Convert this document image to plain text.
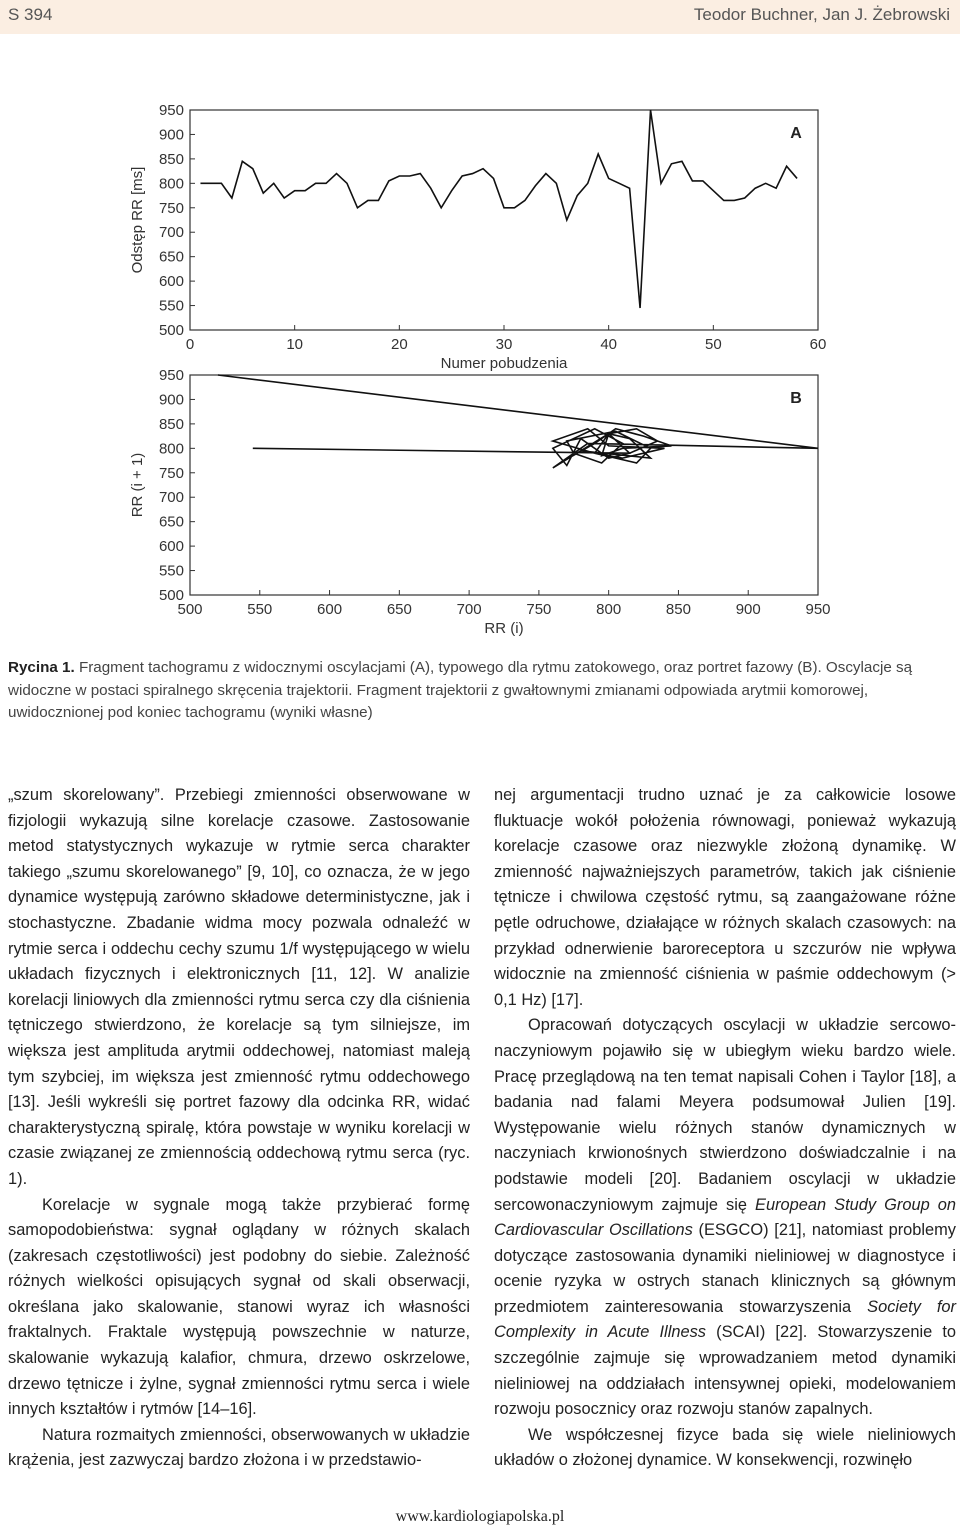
S 394	Teodor Buchner, Jan J. Żebrowski
500
550
600
650
700
750
800
850
900
950
0	10	20	30	40	50	60
Numer pobudzenia
Odstęp RR [ms]
A
500
550
600
650
700
750
800
850
900
950
500	550	600	650	700	750	800	850	900	950
RR (i)
RR (i + 1)
B
Rycina 1. Fragment tachogramu z widocznymi oscylacjami (A), typowego dla rytmu zatokowego, oraz portret fazowy (B). Oscylacje są widoczne w postaci spiralnego skręcenia trajektorii. Fragment trajektorii z gwałtownymi zmianami odpowiada arytmii komorowej, uwidocznionej pod koniec tachogramu (wyniki własne)

„szum skorelowany”. Przebiegi zmienności obserwowane w fizjologii wykazują silne korelacje czasowe. Zastosowanie metod statystycznych wykazuje w rytmie serca charakter takiego „szumu skorelowanego” [9, 10], co oznacza, że w jego dynamice występują zarówno składowe deterministyczne, jak i stochastyczne. Zbadanie widma mocy pozwala odnaleźć w rytmie serca i oddechu cechy szumu 1/f występującego w wielu układach fizycznych i elektronicznych [11, 12]. W analizie korelacji liniowych dla zmienności rytmu serca czy dla ciśnienia tętniczego stwierdzono, że korelacje są tym silniejsze, im większa jest amplituda arytmii oddechowej, natomiast maleją tym szybciej, im większa jest zmienność rytmu oddechowego [13]. Jeśli wykreśli się portret fazowy dla odcinka RR, widać charakterystyczną spiralę, która powstaje w wyniku korelacji w czasie związanej ze zmiennością oddechową rytmu serca (ryc. 1).

Korelacje w sygnale mogą także przybierać formę samopodobieństwa: sygnał oglądany w różnych skalach (zakresach częstotliwości) jest podobny do siebie. Zależność różnych wielkości opisujących sygnał od skali obserwacji, określana jako skalowanie, stanowi wyraz ich własności fraktalnych. Fraktale występują powszechnie w naturze, skalowanie wykazują kalafior, chmura, drzewo oskrzelowe, drzewo tętnicze i żylne, sygnał zmienności rytmu serca i wiele innych kształtów i rytmów [14–16].

Natura rozmaitych zmienności, obserwowanych w układzie krążenia, jest zazwyczaj bardzo złożona i w przedstawio-

nej argumentacji trudno uznać je za całkowicie losowe fluktuacje wokół położenia równowagi, ponieważ wykazują korelacje czasowe oraz niezwykle złożoną dynamikę. W zmienność najważniejszych parametrów, takich jak ciśnienie tętnicze i chwilowa częstość rytmu, są zaangażowane różne pętle odruchowe, działające w różnych skalach czasowych: na przykład odnerwienie baroreceptora u szczurów nie wpływa widocznie na zmienność ciśnienia w paśmie oddechowym (> 0,1 Hz) [17].

Opracowań dotyczących oscylacji w układzie sercowo-naczyniowym pojawiło się w ubiegłym wieku bardzo wiele. Pracę przeglądową na ten temat napisali Cohen i Taylor [18], a badania nad falami Meyera podsumował Julien [19]. Występowanie wielu różnych stanów dynamicznych w naczyniach krwionośnych stwierdzono doświadczalnie i na podstawie modeli [20]. Badaniem oscylacji w układzie sercowonaczyniowym zajmuje się European Study Group on Cardiovascular Oscillations (ESGCO) [21], natomiast problemy dotyczące zastosowania dynamiki nieliniowej w diagnostyce i ocenie ryzyka w ostrych stanach klinicznych są głównym przedmiotem zainteresowania stowarzyszenia Society for Complexity in Acute Illness (SCAI) [22]. Stowarzyszenie to szczególnie zajmuje się wprowadzaniem metod dynamiki nieliniowej na oddziałach intensywnej opieki, modelowaniem rozwoju posocznicy oraz rozwoju stanów zapalnych.

We współczesnej fizyce bada się wiele nieliniowych układów o złożonej dynamice. W konsekwencji, rozwinęło

www.kardiologiapolska.pl
